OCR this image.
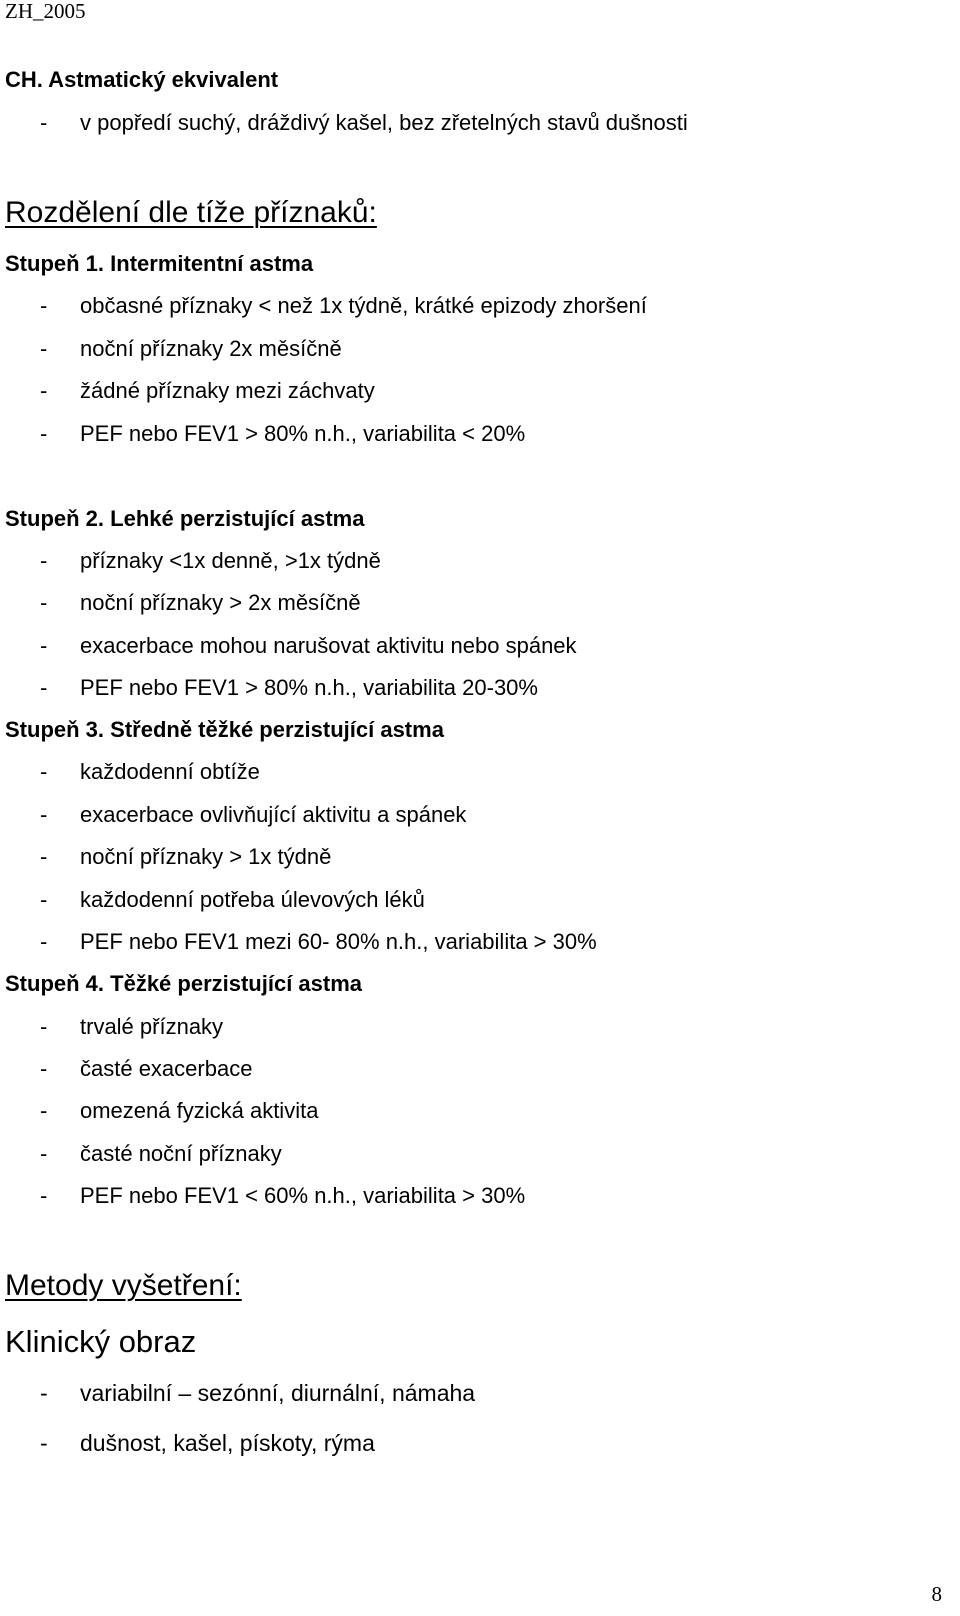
ZH_2005
CH. Astmatický ekvivalent
- v popředí suchý, dráždivý kašel, bez zřetelných stavů dušnosti
Rozdělení dle tíže příznaků:
Stupeň 1. Intermitentní astma
- občasné příznaky < než 1x týdně, krátké epizody zhoršení
- noční příznaky 2x měsíčně
- žádné příznaky mezi záchvaty
- PEF nebo FEV1 > 80% n.h., variabilita < 20%
Stupeň 2. Lehké perzistující astma
- příznaky <1x denně, >1x týdně
- noční příznaky > 2x měsíčně
- exacerbace mohou narušovat aktivitu nebo spánek
- PEF nebo FEV1 > 80% n.h., variabilita 20-30%
Stupeň 3. Středně těžké perzistující astma
- každodenní obtíže
- exacerbace ovlivňující aktivitu a spánek
- noční příznaky > 1x týdně
- každodenní potřeba úlevových léků
- PEF nebo FEV1 mezi 60- 80% n.h., variabilita > 30%
Stupeň 4. Těžké perzistující astma
- trvalé příznaky
- časté exacerbace
- omezená fyzická aktivita
- časté noční příznaky
- PEF nebo FEV1 < 60% n.h., variabilita > 30%
Metody vyšetření:
Klinický obraz
- variabilní – sezónní, diurnální, námaha
- dušnost, kašel, pískoty, rýma
8
